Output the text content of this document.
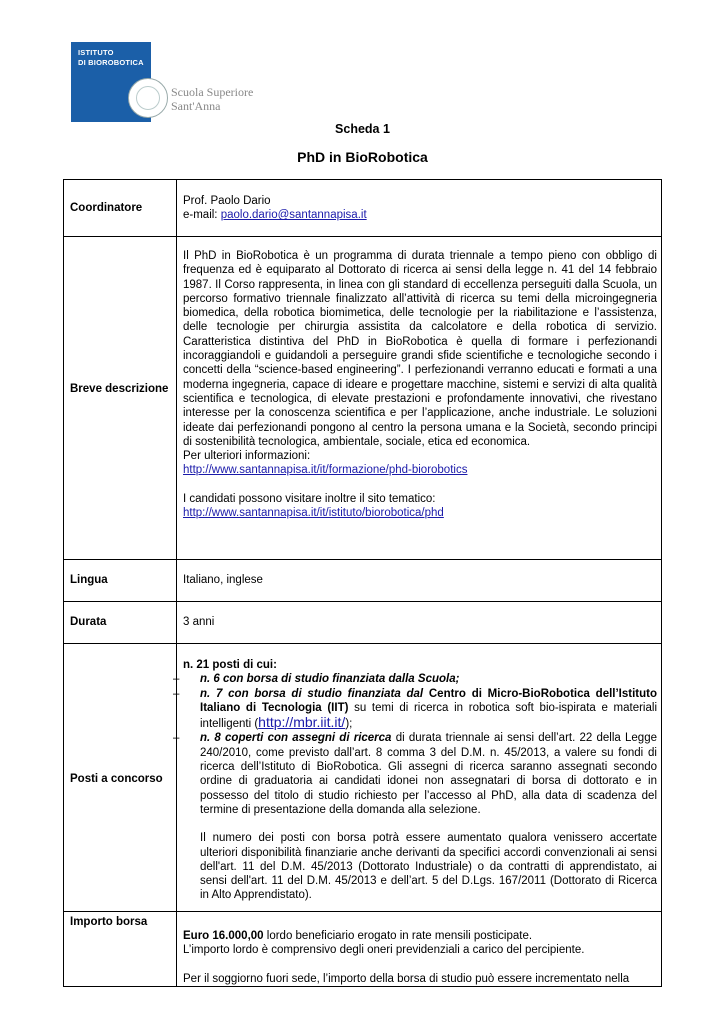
ISTITUTO
DI BIOROBOTICA
Scuola Superiore
Sant'Anna
Scheda 1
PhD in BioRobotica
Coordinatore
Prof. Paolo Dario
e-mail: paolo.dario@santannapisa.it
Breve descrizione

Il PhD in BioRobotica è un programma di durata triennale a tempo pieno con obbligo di frequenza ed è equiparato al Dottorato di ricerca ai sensi della legge n. 41 del 14 febbraio 1987. Il Corso rappresenta, in linea con gli standard di eccellenza perseguiti dalla Scuola, un percorso formativo triennale finalizzato all’attività di ricerca su temi della microingegneria biomedica, della robotica biomimetica, delle tecnologie per la riabilitazione e l’assistenza, delle tecnologie per chirurgia assistita da calcolatore e della robotica di servizio. Caratteristica distintiva del PhD in BioRobotica è quella di formare i perfezionandi incoraggiandoli e guidandoli a perseguire grandi sfide scientifiche e tecnologiche secondo i concetti della “science-based engineering”. I perfezionandi verranno educati e formati a una moderna ingegneria, capace di ideare e progettare macchine, sistemi e servizi di alta qualità scientifica e tecnologica, di elevate prestazioni e profondamente innovativi, che rivestano interesse per la conoscenza scientifica e per l’applicazione, anche industriale. Le soluzioni ideate dai perfezionandi pongono al centro la persona umana e la Società, secondo principi di sostenibilità tecnologica, ambientale, sociale, etica ed economica.

Per ulteriori informazioni:

http://www.santannapisa.it/it/formazione/phd-biorobotics

I candidati possono visitare inoltre il sito tematico:

http://www.santannapisa.it/it/istituto/biorobotica/phd

Lingua	Italiano, inglese
Durata	3 anni
Posti a concorso

n. 21 posti di cui:

– n. 6 con borsa di studio finanziata dalla Scuola;
– n. 7 con borsa di studio finanziata dal Centro di Micro-BioRobotica dell’Istituto Italiano di Tecnologia (IIT) su temi di ricerca in robotica soft bio-ispirata e materiali intelligenti (http://mbr.iit.it/);
– n. 8 coperti con assegni di ricerca di durata triennale ai sensi dell’art. 22 della Legge 240/2010, come previsto dall’art. 8 comma 3 del D.M. n. 45/2013, a valere su fondi di ricerca dell’Istituto di BioRobotica. Gli assegni di ricerca saranno assegnati secondo ordine di graduatoria ai candidati idonei non assegnatari di borsa di dottorato e in possesso del titolo di studio richiesto per l’accesso al PhD, alla data di scadenza del termine di presentazione della domanda alla selezione.

Il numero dei posti con borsa potrà essere aumentato qualora venissero accertate ulteriori disponibilità finanziarie anche derivanti da specifici accordi convenzionali ai sensi dell'art. 11 del D.M. 45/2013 (Dottorato Industriale) o da contratti di apprendistato, ai sensi dell'art. 11 del D.M. 45/2013 e dell’art. 5 del D.Lgs. 167/2011 (Dottorato di Ricerca in Alto Apprendistato).

Importo borsa

Euro 16.000,00 lordo beneficiario erogato in rate mensili posticipate.

L’importo lordo è comprensivo degli oneri previdenziali a carico del percipiente.

Per il soggiorno fuori sede, l’importo della borsa di studio può essere incrementato nella
